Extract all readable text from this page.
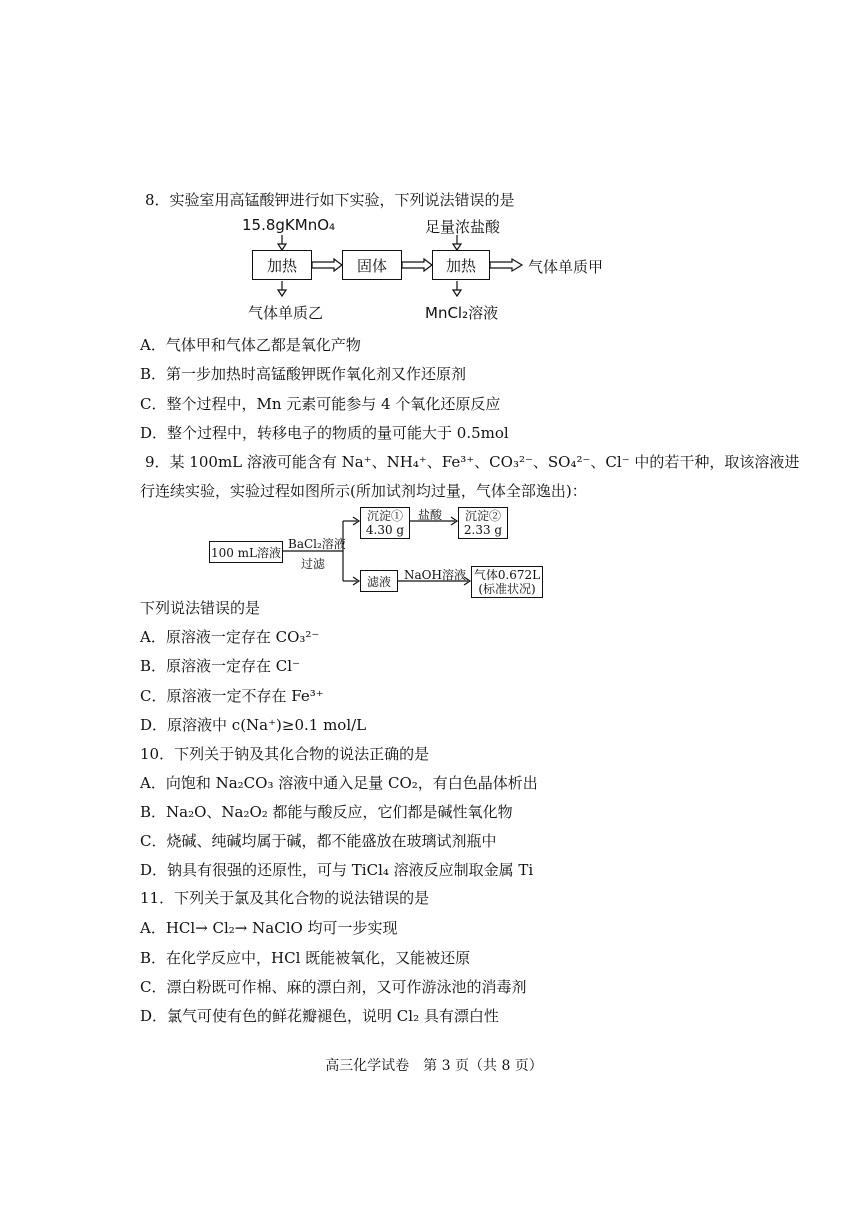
8．实验室用高锰酸钾进行如下实验，下列说法错误的是
15.8gKMnO₄	足量浓盐酸
加热	固体	加热	气体单质甲
气体单质乙	MnCl₂溶液
A．气体甲和气体乙都是氧化产物
B．第一步加热时高锰酸钾既作氧化剂又作还原剂
C．整个过程中，Mn 元素可能参与 4 个氧化还原反应
D．整个过程中，转移电子的物质的量可能大于 0.5mol
9．某 100mL 溶液可能含有 Na⁺、NH₄⁺、Fe³⁺、CO₃²⁻、SO₄²⁻、Cl⁻ 中的若干种，取该溶液进
行连续实验，实验过程如图所示(所加试剂均过量，气体全部逸出)：
100 mL溶液
BaCl₂溶液
过滤
沉淀①
4.30 g
盐酸 沉淀②
2.33 g
滤液 NaOH溶液 气体0.672L
(标准状况)
下列说法错误的是
A．原溶液一定存在 CO₃²⁻
B．原溶液一定存在 Cl⁻
C．原溶液一定不存在 Fe³⁺
D．原溶液中 c(Na⁺)≥0.1 mol/L
10．下列关于钠及其化合物的说法正确的是
A．向饱和 Na₂CO₃ 溶液中通入足量 CO₂，有白色晶体析出
B．Na₂O、Na₂O₂ 都能与酸反应，它们都是碱性氧化物
C．烧碱、纯碱均属于碱，都不能盛放在玻璃试剂瓶中
D．钠具有很强的还原性，可与 TiCl₄ 溶液反应制取金属 Ti
11．下列关于氯及其化合物的说法错误的是
A．HCl→ Cl₂→ NaClO 均可一步实现
B．在化学反应中，HCl 既能被氧化，又能被还原
C．漂白粉既可作棉、麻的漂白剂，又可作游泳池的消毒剂
D．氯气可使有色的鲜花瓣褪色，说明 Cl₂ 具有漂白性
高三化学试卷　第 3 页（共 8 页）
